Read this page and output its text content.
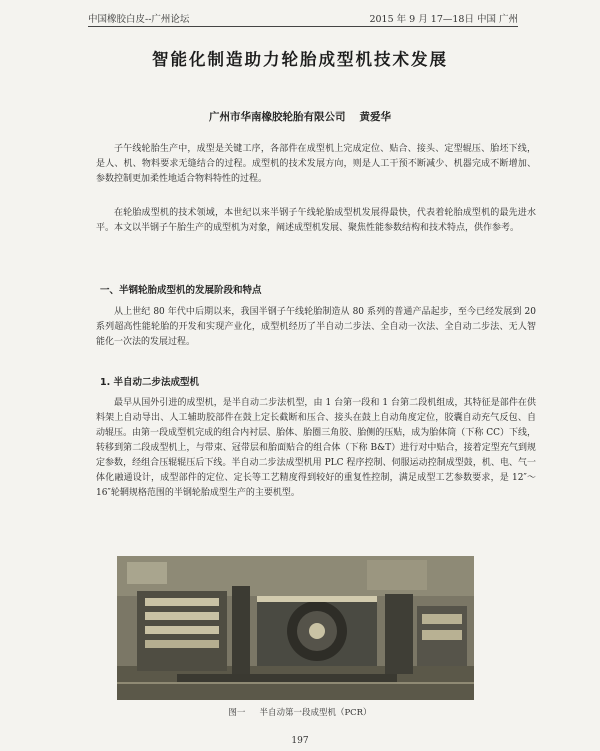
中国橡胶白皮--广州论坛	2015 年 9 月 17—18日 中国 广州
智能化制造助力轮胎成型机技术发展
广州市华南橡胶轮胎有限公司 黄爱华

子午线轮胎生产中，成型是关键工序，各部件在成型机上完成定位、贴合、接头、定型辊压、胎坯下线，是人、机、物料要求无缝结合的过程。成型机的技术发展方向，则是人工干预不断减少、机器完成不断增加、参数控制更加柔性地适合物料特性的过程。

在轮胎成型机的技术领域，本世纪以来半钢子午线轮胎成型机发展得最快，代表着轮胎成型机的最先进水平。本文以半钢子午胎生产的成型机为对象，阐述成型机发展、聚焦性能参数结构和技术特点，供作参考。

一、半钢轮胎成型机的发展阶段和特点

从上世纪 80 年代中后期以来，我国半钢子午线轮胎制造从 80 系列的普通产品起步，至今已经发展到 20 系列超高性能轮胎的开发和实现产业化，成型机经历了半自动二步法、全自动一次法、全自动二步法、无人智能化一次法的发展过程。

1. 半自动二步法成型机

最早从国外引进的成型机，是半自动二步法机型，由 1 台第一段和 1 台第二段机组成，其特征是部件在供料架上自动导出、人工辅助胶部件在鼓上定长截断和压合、接头在鼓上自动角度定位，胶囊自动充气反包、自动辊压。由第一段成型机完成的组合内衬层、胎体、胎圈三角胶、胎侧的压贴，成为胎体筒（下称 CC）下线，转移到第二段成型机上，与带束、冠带层和胎面贴合的组合体（下称 B&T）进行对中贴合，接着定型充气到规定参数，经组合压辊辊压后下线。半自动二步法成型机用 PLC 程序控制、伺服运动控制成型鼓，机、电、气一体化融通设计，成型部件的定位、定长等工艺精度得到较好的重复性控制，满足成型工艺参数要求，是 12″～16″轮辋规格范围的半钢轮胎成型生产的主要机型。

图一 半自动第一段成型机（PCR）
197
